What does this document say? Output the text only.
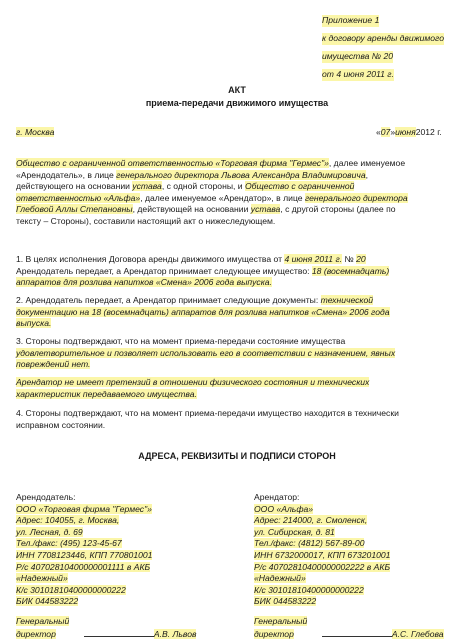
Приложение 1
к договору аренды движимого
имущества № 20
от 4 июня 2011 г.
АКТ
приема-передачи движимого имущества
г. Москва	«07»июня2012 г.
Общество с ограниченной ответственностью «Торговая фирма "Гермес"», далее именуемое
«Арендодатель», в лице генерального директора Львова Александра Владимировича,
действующего на основании устава, с одной стороны, и Общество с ограниченной
ответственностью «Альфа», далее именуемое «Арендатор», в лице генерального директора
Глебовой Аллы Степановны, действующей на основании устава, с другой стороны (далее по
тексту – Стороны), составили настоящий акт о нижеследующем.
1. В целях исполнения Договора аренды движимого имущества от 4 июня 2011 г. № 20
Арендодатель передает, а Арендатор принимает следующее имущество: 18 (восемнадцать)
аппаратов для розлива напитков «Смена» 2006 года выпуска.
2. Арендодатель передает, а Арендатор принимает следующие документы: технической
документацию на 18 (восемнадцать) аппаратов для розлива напитков «Смена» 2006 года
выпуска.
3. Стороны подтверждают, что на момент приема-передачи состояние имущества
удовлетворительное и позволяет использовать его в соответствии с назначением, явных
повреждений нет.
Арендатор не имеет претензий в отношении физического состояния и технических
характеристик передаваемого имущества.
4. Стороны подтверждают, что на момент приема-передачи имущество находится в технически
исправном состоянии.
АДРЕСА, РЕКВИЗИТЫ И ПОДПИСИ СТОРОН
Арендодатель:
ООО «Торговая фирма "Гермес"»
Адрес: 104055, г. Москва,
ул. Лесная, д. 69
Тел./факс: (495) 123-45-67
ИНН 7708123446, КПП 770801001
Р/с 40702810400000001111 в АКБ
«Надежный»
К/с 30101810400000000222
БИК 044583222
Генеральный
директор	А.В. Львов
Арендатор:
ООО «Альфа»
Адрес: 214000, г. Смоленск,
ул. Сибирская, д. 81
Тел./факс: (4812) 567-89-00
ИНН 6732000017, КПП 673201001
Р/с 40702810400000002222 в АКБ
«Надежный»
К/с 30101810400000000222
БИК 044583222
Генеральный
директор	А.С. Глебова
